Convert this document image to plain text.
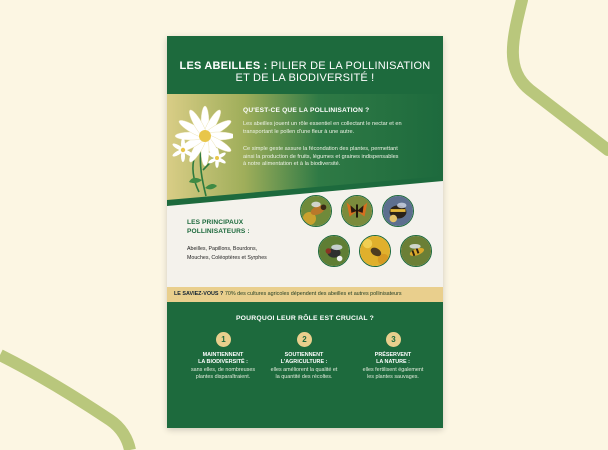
LES ABEILLES : PILIER DE LA POLLINISATION
ET DE LA BIODIVERSITÉ !
QU'EST-CE QUE LA POLLINISATION ?
Les abeilles jouent un rôle essentiel en collectant le nectar et en
transportant le pollen d'une fleur à une autre.
Ce simple geste assure la fécondation des plantes, permettant
ainsi la production de fruits, légumes et graines indispensables
à notre alimentation et à la biodiversité.
LES PRINCIPAUX
POLLINISATEURS :
Abeilles, Papillons, Bourdons,
Mouches, Coléoptères et Syrphes
LE SAVIEZ-VOUS ? 70% des cultures agricoles dépendent des abeilles et autres pollinisateurs
POURQUOI LEUR RÔLE EST CRUCIAL ?
1	2	3
MAINTIENNENT
LA BIODIVERSITÉ :
sans elles, de nombreuses
plantes disparaîtraient.
SOUTIENNENT
L'AGRICULTURE :
elles améliorent la qualité et
la quantité des récoltes.
PRÉSERVENT
LA NATURE :
elles fertilisent également
les plantes sauvages.
